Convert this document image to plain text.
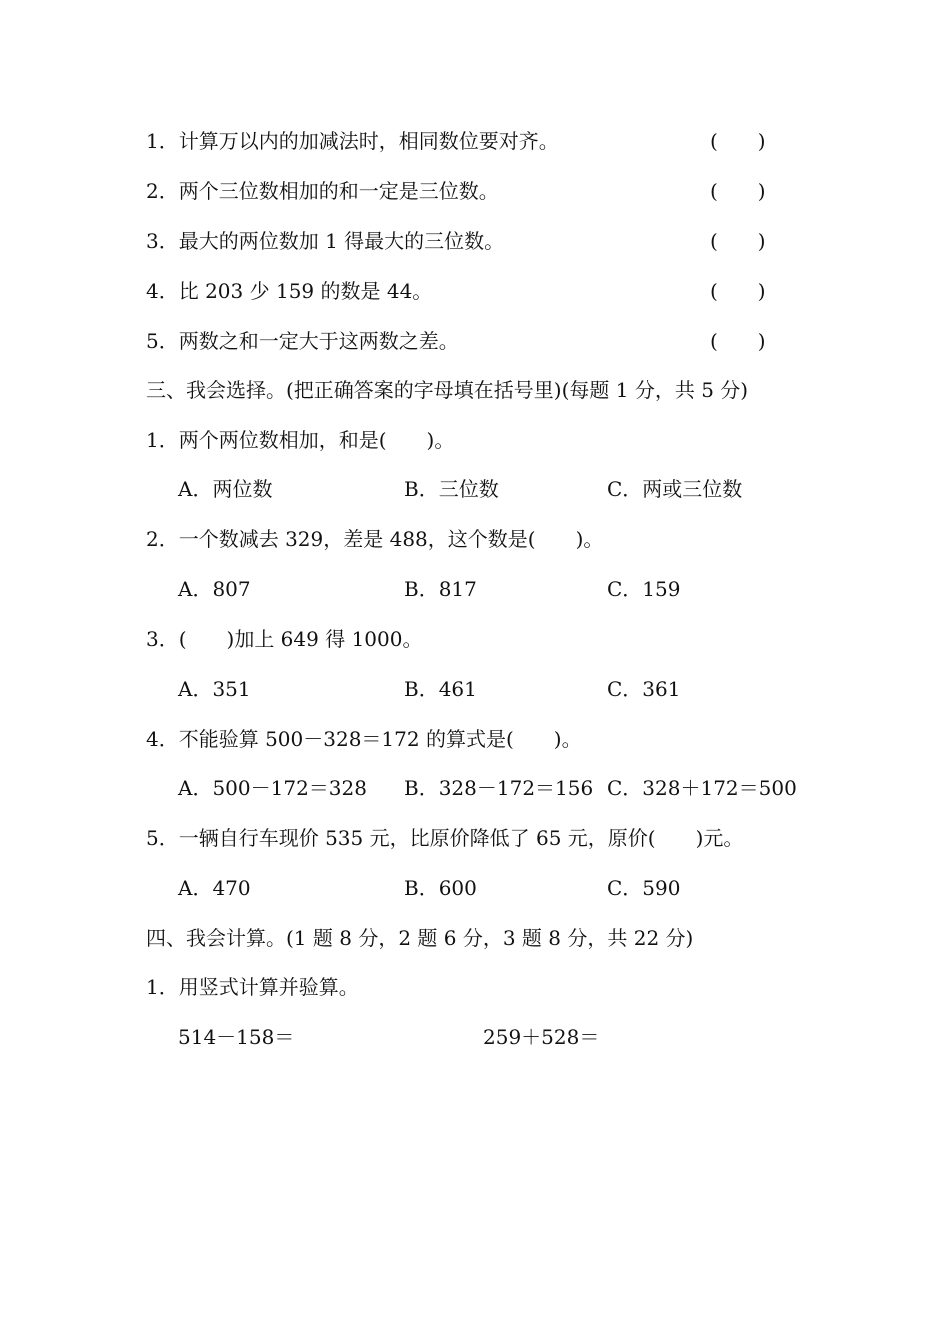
1．计算万以内的加减法时，相同数位要对齐。	(　　)
2．两个三位数相加的和一定是三位数。	(　　)
3．最大的两位数加 1 得最大的三位数。	(　　)
4．比 203 少 159 的数是 44。	(　　)
5．两数之和一定大于这两数之差。	(　　)
三、我会选择。(把正确答案的字母填在括号里)(每题 1 分，共 5 分)
1．两个两位数相加，和是(　　)。
A．两位数	B．三位数	C．两或三位数
2．一个数减去 329，差是 488，这个数是(　　)。
A．807	B．817	C．159
3．(　　)加上 649 得 1000。
A．351	B．461	C．361
4．不能验算 500－328＝172 的算式是(　　)。
A．500－172＝328 B．328－172＝156 C．328＋172＝500
5．一辆自行车现价 535 元，比原价降低了 65 元，原价(　　)元。
A．470	B．600	C．590
四、我会计算。(1 题 8 分，2 题 6 分，3 题 8 分，共 22 分)
1．用竖式计算并验算。
514－158＝	259＋528＝
